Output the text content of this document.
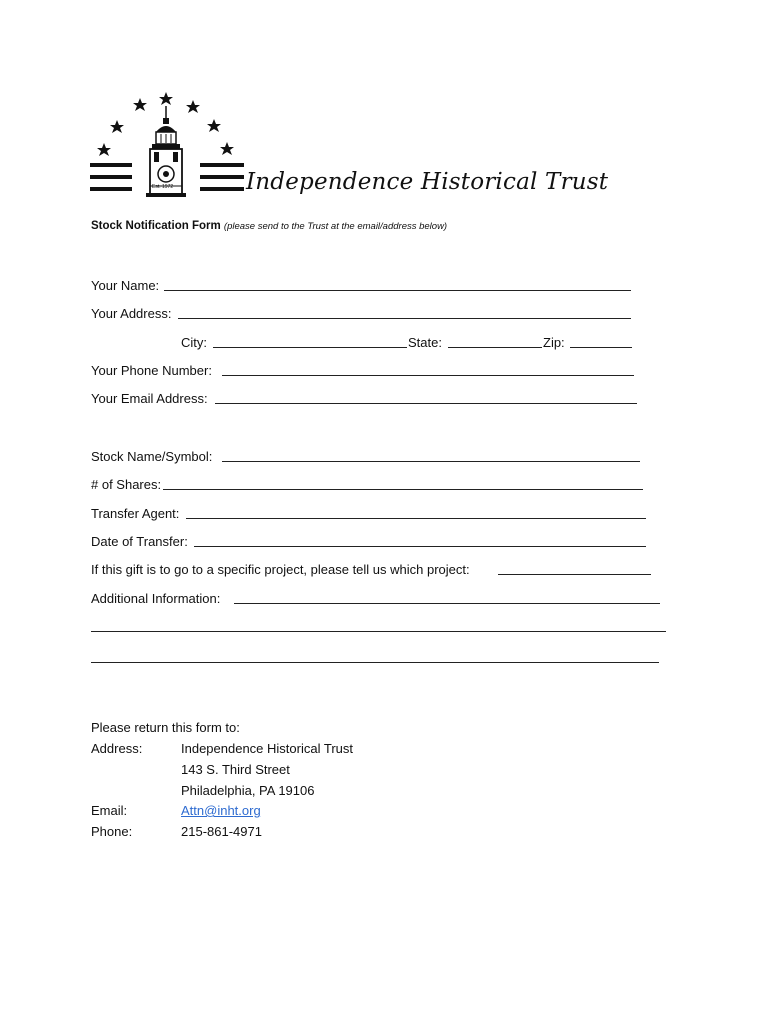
Est. 1972	Independence Historical Trust
Stock Notification Form (please send to the Trust at the email/address below)
Your Name:
Your Address:
City:	State:	Zip:
Your Phone Number:
Your Email Address:
Stock Name/Symbol:
# of Shares:
Transfer Agent:
Date of Transfer:
If this gift is to go to a specific project, please tell us which project:
Additional Information:
Please return this form to:
Address:	Independence Historical Trust
143 S. Third Street
Philadelphia, PA 19106
Email:	Attn@inht.org
Phone:	215-861-4971
